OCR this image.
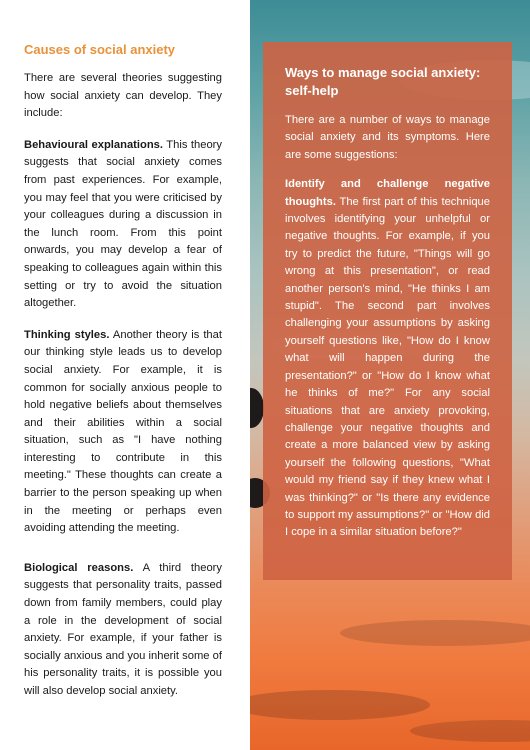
Causes of social anxiety

There are several theories suggesting how social anxiety can develop. They include:

Behavioural explanations. This theory suggests that social anxiety comes from past experiences. For example, you may feel that you were criticised by your colleagues during a discussion in the lunch room. From this point onwards, you may develop a fear of speaking to colleagues again within this setting or try to avoid the situation altogether.

Thinking styles. Another theory is that our thinking style leads us to develop social anxiety. For example, it is common for socially anxious people to hold negative beliefs about themselves and their abilities within a social situation, such as "I have nothing interesting to contribute in this meeting." These thoughts can create a barrier to the person speaking up when in the meeting or perhaps even avoiding attending the meeting.

Biological reasons. A third theory suggests that personality traits, passed down from family members, could play a role in the development of social anxiety. For example, if your father is socially anxious and you inherit some of his personality traits, it is possible you will also develop social anxiety.

Ways to manage social anxiety: self-help

There are a number of ways to manage social anxiety and its symptoms. Here are some suggestions:

Identify and challenge negative thoughts. The first part of this technique involves identifying your unhelpful or negative thoughts. For example, if you try to predict the future, "Things will go wrong at this presentation", or read another person's mind, "He thinks I am stupid". The second part involves challenging your assumptions by asking yourself questions like, "How do I know what will happen during the presentation?" or "How do I know what he thinks of me?" For any social situations that are anxiety provoking, challenge your negative thoughts and create a more balanced view by asking yourself the following questions, "What would my friend say if they knew what I was thinking?" or "Is there any evidence to support my assumptions?" or "How did I cope in a similar situation before?"
